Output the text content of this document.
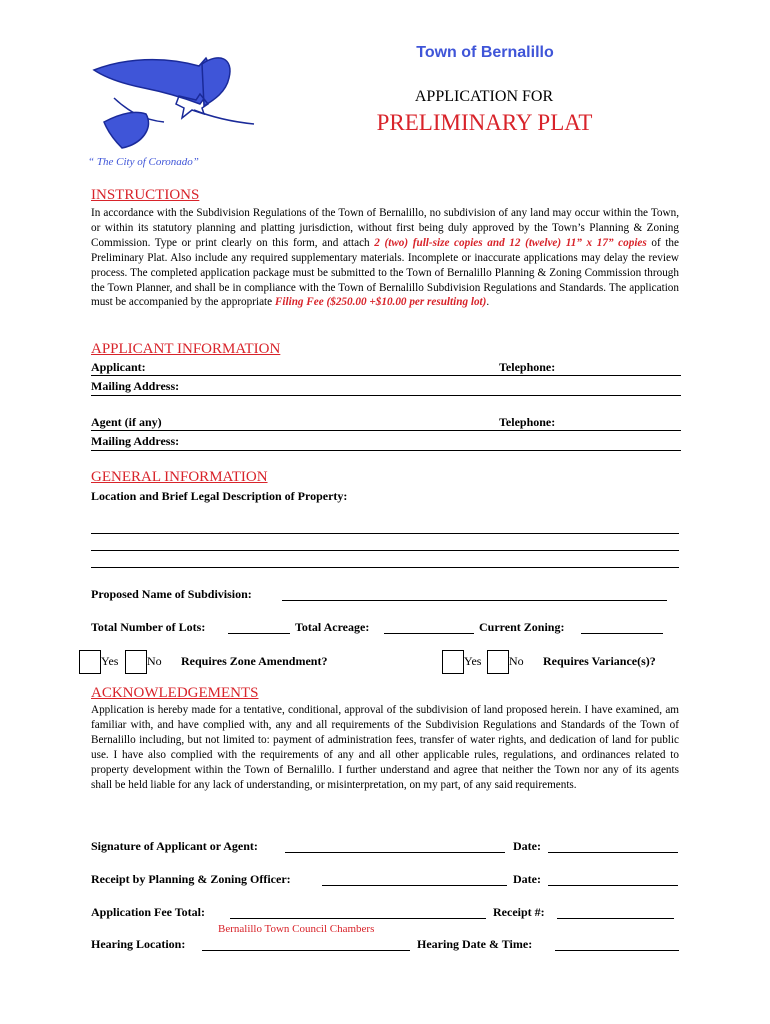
Town of Bernalillo
APPLICATION FOR
PRELIMINARY PLAT
“ The City of Coronado”
INSTRUCTIONS
In accordance with the Subdivision Regulations of the Town of Bernalillo, no subdivision of any land may occur within the Town, or within its statutory planning and platting jurisdiction, without first being duly approved by the Town’s Planning & Zoning Commission. Type or print clearly on this form, and attach 2 (two) full-size copies and 12 (twelve) 11” x 17” copies of the Preliminary Plat. Also include any required supplementary materials. Incomplete or inaccurate applications may delay the review process. The completed application package must be submitted to the Town of Bernalillo Planning & Zoning Commission through the Town Planner, and shall be in compliance with the Town of Bernalillo Subdivision Regulations and Standards. The application must be accompanied by the appropriate Filing Fee ($250.00 +$10.00 per resulting lot).
APPLICANT INFORMATION
Applicant:	Telephone:
Mailing Address:
Agent (if any)	Telephone:
Mailing Address:
GENERAL INFORMATION
Location and Brief Legal Description of Property:
Proposed Name of Subdivision:
Total Number of Lots:	Total Acreage:	Current Zoning:
Yes No Requires Zone Amendment?	Yes No Requires Variance(s)?
ACKNOWLEDGEMENTS
Application is hereby made for a tentative, conditional, approval of the subdivision of land proposed herein. I have examined, am familiar with, and have complied with, any and all requirements of the Subdivision Regulations and Standards of the Town of Bernalillo including, but not limited to: payment of administration fees, transfer of water rights, and dedication of land for public use. I have also complied with the requirements of any and all other applicable rules, regulations, and ordinances related to property development within the Town of Bernalillo. I further understand and agree that neither the Town nor any of its agents shall be held liable for any lack of understanding, or misinterpretation, on my part, of any said requirements.
Signature of Applicant or Agent:	Date:
Receipt by Planning & Zoning Officer:	Date:
Application Fee Total:	Receipt #:
Bernalillo Town Council Chambers
Hearing Location:	Hearing Date & Time:
